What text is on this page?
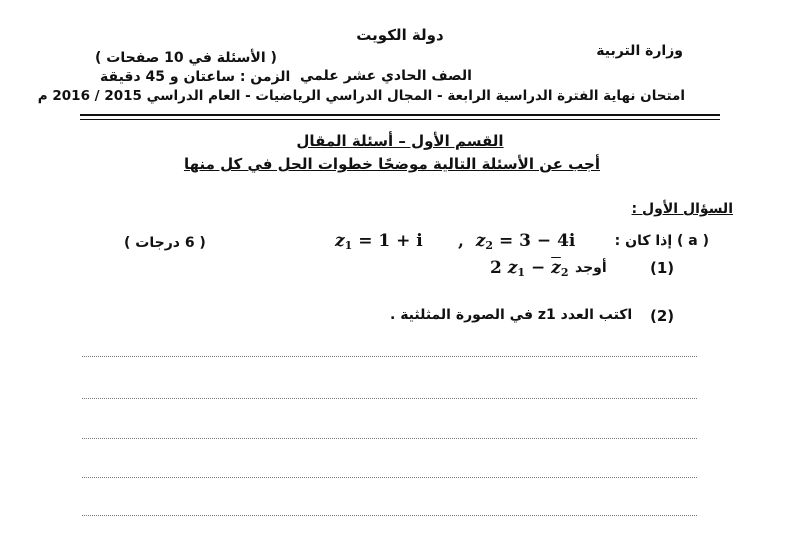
دولة الكويت
وزارة التربية
( الأسئلة في 10 صفحات )
الصف الحادي عشر علمي
الزمن : ساعتان و 45 دقيقة
امتحان نهاية الفترة الدراسية الرابعة - المجال الدراسي الرياضيات - العام الدراسي 2015 / 2016 م
القسم الأول – أسئلة المقال
أجب عن الأسئلة التالية موضحًا خطوات الحل في كل منها
السؤال الأول :
( a ) إذا كان :
( 6 درجات )	$z_1 = 1 + i$ ,  $z_2 = 3 - 4i$
2 $z_1 - \overline{z}_2$ أوجد	(1)
اكتب العدد z1 في الصورة المثلثية . (2)
